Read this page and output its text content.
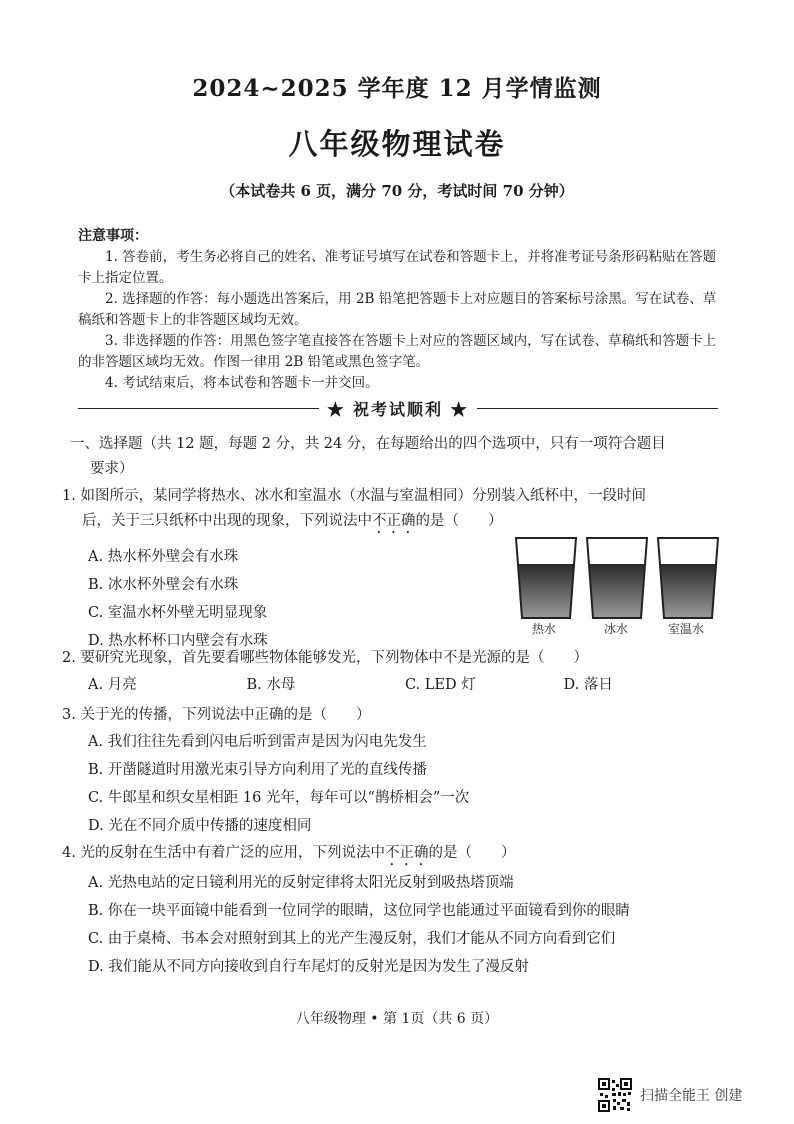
2024~2025 学年度 12 月学情监测
八年级物理试卷
（本试卷共 6 页，满分 70 分，考试时间 70 分钟）
注意事项：

1. 答卷前，考生务必将自己的姓名、准考证号填写在试卷和答题卡上，并将准考证号条形码粘贴在答题卡上指定位置。

2. 选择题的作答：每小题选出答案后，用 2B 铅笔把答题卡上对应题目的答案标号涂黑。写在试卷、草稿纸和答题卡上的非答题区域均无效。

3. 非选择题的作答：用黑色签字笔直接答在答题卡上对应的答题区域内，写在试卷、草稿纸和答题卡上的非答题区域均无效。作图一律用 2B 铅笔或黑色签字笔。

4. 考试结束后，将本试卷和答题卡一并交回。

★ 祝考试顺利 ★
一、选择题（共 12 题，每题 2 分，共 24 分，在每题给出的四个选项中，只有一项符合题目
要求）
1. 如图所示，某同学将热水、冰水和室温水（水温与室温相同）分别装入纸杯中，一段时间
后，关于三只纸杯中出现的现象，下列说法中不正确的是（　　）
A. 热水杯外壁会有水珠
B. 冰水杯外壁会有水珠
C. 室温水杯外壁无明显现象
D. 热水杯杯口内壁会有水珠
热水	冰水	室温水
2. 要研究光现象，首先要看哪些物体能够发光，下列物体中不是光源的是（　　）
A. 月亮	B. 水母	C. LED 灯	D. 落日
3. 关于光的传播，下列说法中正确的是（　　）
A. 我们往往先看到闪电后听到雷声是因为闪电先发生
B. 开凿隧道时用激光束引导方向利用了光的直线传播
C. 牛郎星和织女星相距 16 光年，每年可以“鹊桥相会”一次
D. 光在不同介质中传播的速度相同
4. 光的反射在生活中有着广泛的应用，下列说法中不正确的是（　　）
A. 光热电站的定日镜利用光的反射定律将太阳光反射到吸热塔顶端
B. 你在一块平面镜中能看到一位同学的眼睛，这位同学也能通过平面镜看到你的眼睛
C. 由于桌椅、书本会对照射到其上的光产生漫反射，我们才能从不同方向看到它们
D. 我们能从不同方向接收到自行车尾灯的反射光是因为发生了漫反射
八年级物理 • 第 1页（共 6 页）
扫描全能王 创建
